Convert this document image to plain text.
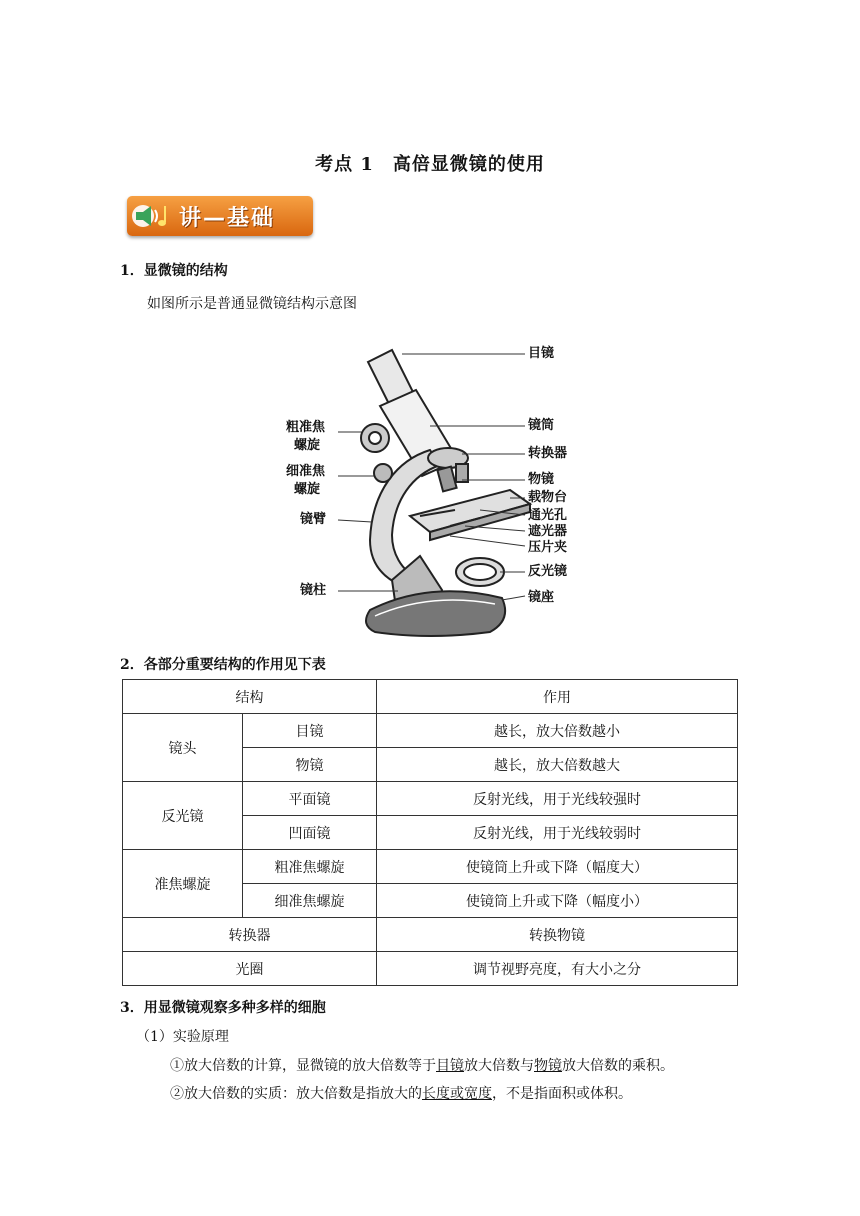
考点 1　高倍显微镜的使用
讲—基础
1．显微镜的结构
如图所示是普通显微镜结构示意图
目镜
镜筒
转换器
物镜
载物台
通光孔
遮光器
压片夹
反光镜
镜座
粗准焦
螺旋
细准焦
螺旋
镜臂
镜柱
2．各部分重要结构的作用见下表
结构		作用
镜头	目镜	越长，放大倍数越小
	物镜	越长，放大倍数越大
反光镜	平面镜	反射光线，用于光线较强时
	凹面镜	反射光线，用于光线较弱时
准焦螺旋	粗准焦螺旋	使镜筒上升或下降（幅度大）
	细准焦螺旋	使镜筒上升或下降（幅度小）
转换器		转换物镜
光圈		调节视野亮度，有大小之分
3．用显微镜观察多种多样的细胞
（1）实验原理
①放大倍数的计算，显微镜的放大倍数等于目镜放大倍数与物镜放大倍数的乘积。
②放大倍数的实质：放大倍数是指放大的长度或宽度，不是指面积或体积。
